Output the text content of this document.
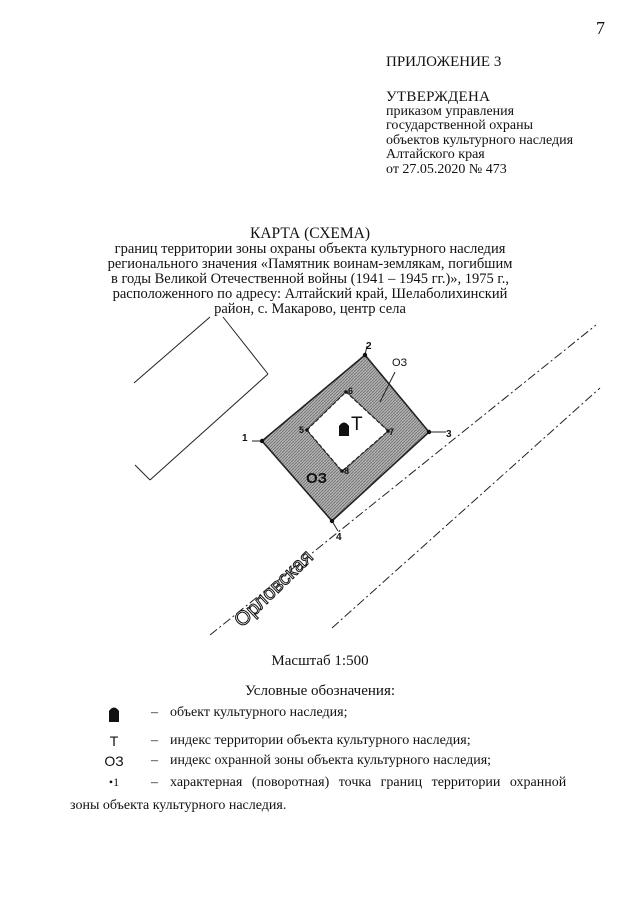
7
ПРИЛОЖЕНИЕ 3
УТВЕРЖДЕНА
приказом управления
государственной охраны
объектов культурного наследия
Алтайского края
от 27.05.2020 № 473
КАРТА (СХЕМА)
границ территории зоны охраны объекта культурного наследия
регионального значения «Памятник воинам-землякам, погибшим
в годы Великой Отечественной войны (1941 – 1945 гг.)», 1975 г.,
расположенного по адресу: Алтайский край, Шелаболихинский
район, с. Макарово, центр села
1
2
3
4
5
6
7
8
Т
ОЗ
ОЗ
Орловская
Масштаб 1:500
Условные обозначения:
– объект культурного наследия;
Т	– индекс территории объекта культурного наследия;
ОЗ	– индекс охранной зоны объекта культурного наследия;
•1	– характерная (поворотная) точка границ территории охранной
зоны объекта культурного наследия.
